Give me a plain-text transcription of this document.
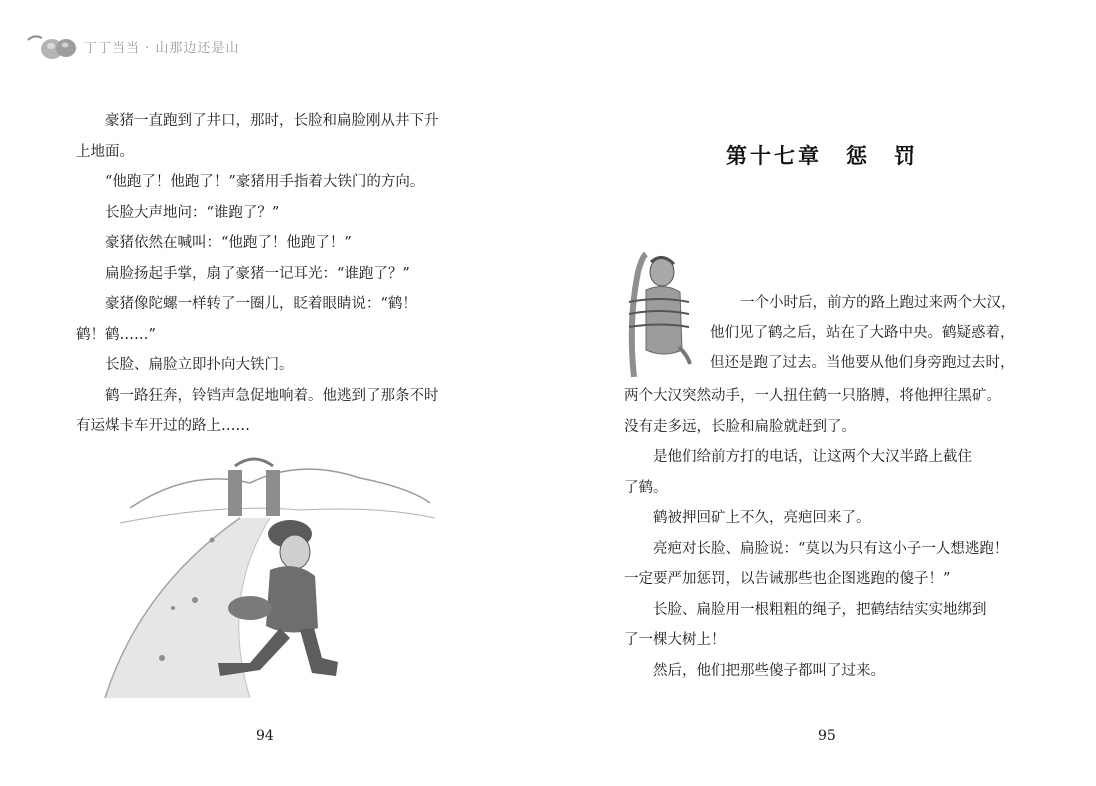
丁丁当当 · 山那边还是山

豪猪一直跑到了井口，那时，长脸和扁脸刚从井下升
上地面。

“他跑了！他跑了！”豪猪用手指着大铁门的方向。

长脸大声地问：“谁跑了？”

豪猪依然在喊叫：“他跑了！他跑了！”

扁脸扬起手掌，扇了豪猪一记耳光：“谁跑了？”

豪猪像陀螺一样转了一圈儿，眨着眼睛说：“鹤！
鹤！鹤……”

长脸、扁脸立即扑向大铁门。

鹤一路狂奔，铃铛声急促地响着。他逃到了那条不时
有运煤卡车开过的路上……

94
第十七章　惩　罚
一个小时后，前方的路上跑过来两个大汉，
他们见了鹤之后，站在了大路中央。鹤疑惑着，
但还是跑了过去。当他要从他们身旁跑过去时，

两个大汉突然动手，一人扭住鹤一只胳膊，将他押往黑矿。
没有走多远，长脸和扁脸就赶到了。

是他们给前方打的电话，让这两个大汉半路上截住
了鹤。

鹤被押回矿上不久，亮疤回来了。

亮疤对长脸、扁脸说：“莫以为只有这小子一人想逃跑！
一定要严加惩罚，以告诫那些也企图逃跑的傻子！”

长脸、扁脸用一根粗粗的绳子，把鹤结结实实地绑到
了一棵大树上！

然后，他们把那些傻子都叫了过来。

95
